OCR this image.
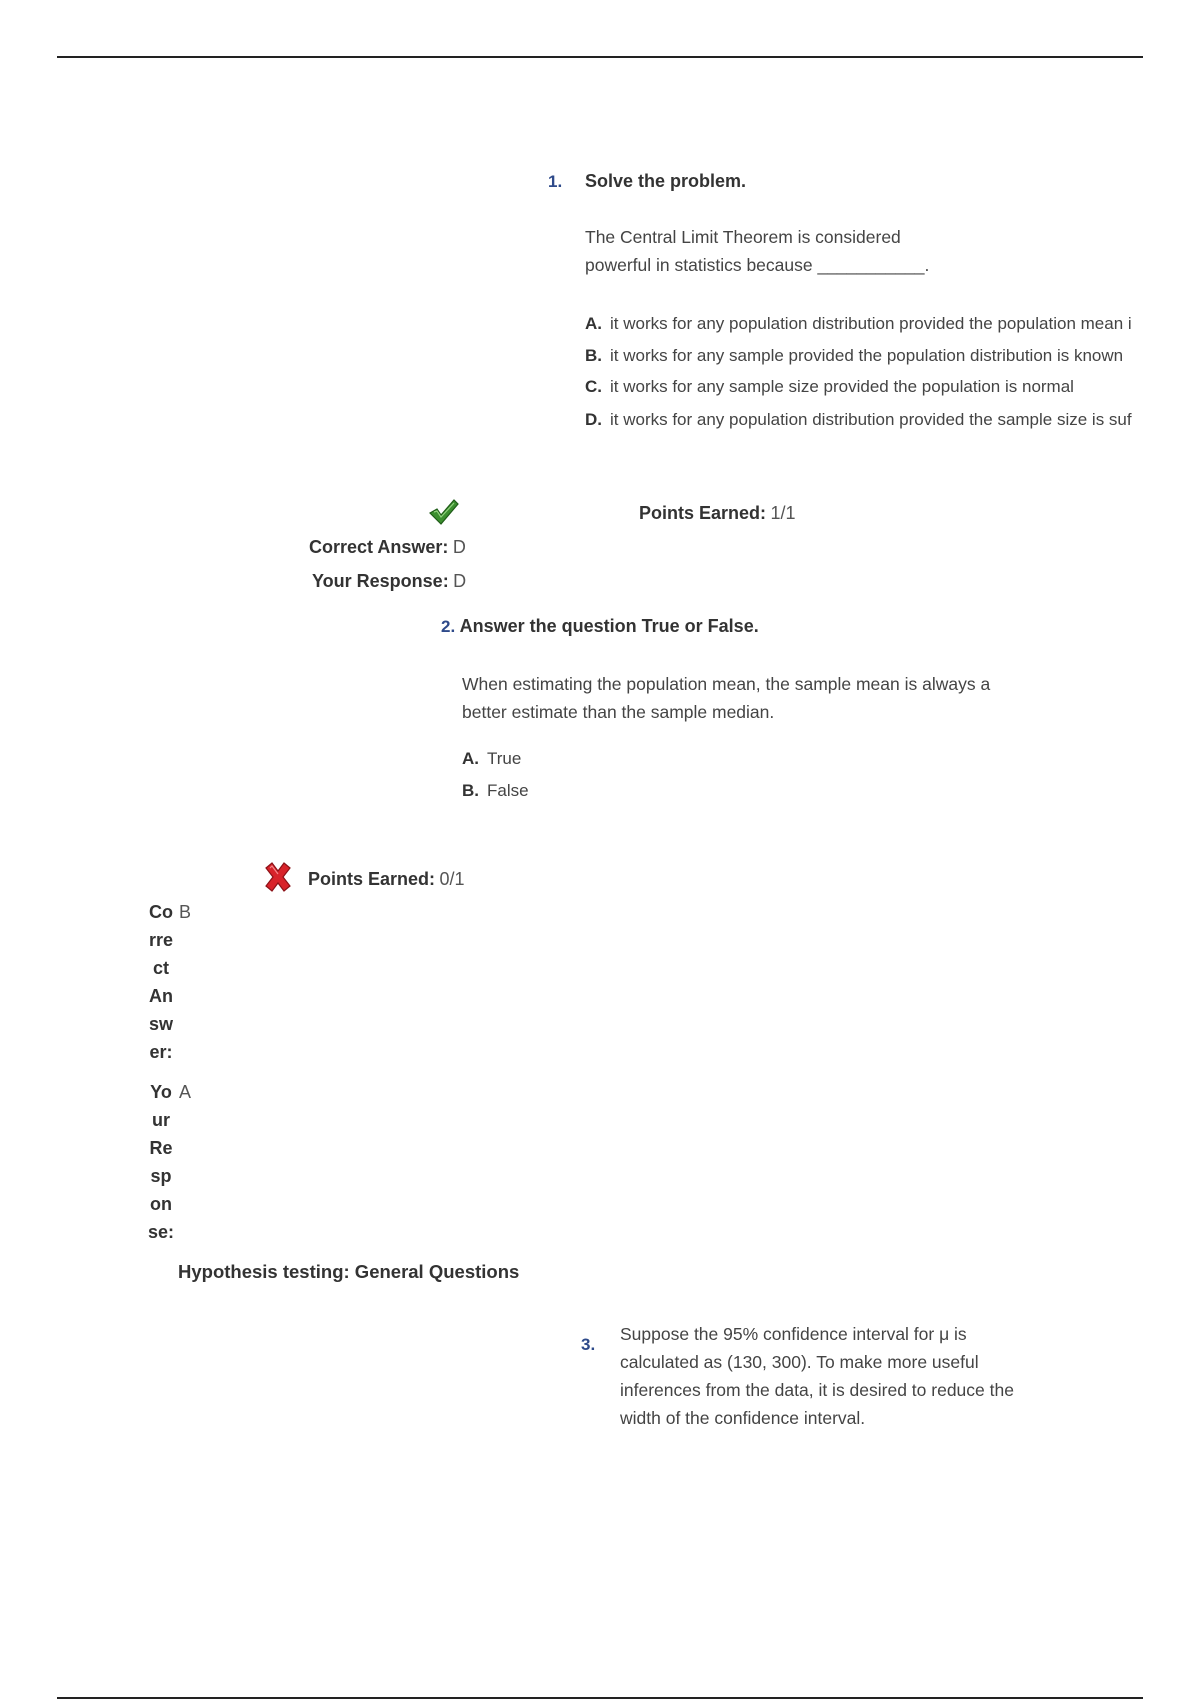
1. Solve the problem.
The Central Limit Theorem is considered
powerful in statistics because ___________.
A. it works for any population distribution provided the population mean i
B. it works for any sample provided the population distribution is known
C. it works for any sample size provided the population is normal
D. it works for any population distribution provided the sample size is suf
Points Earned: 1/1
Correct Answer: D
Your Response: D
2. Answer the question True or False.
When estimating the population mean, the sample mean is always a
better estimate than the sample median.
A. True
B. False
Points Earned: 0/1
Correct Answer:
B
Your Response:
A
Hypothesis testing: General Questions
3.
Suppose the 95% confidence interval for μ is
calculated as (130, 300). To make more useful
inferences from the data, it is desired to reduce the
width of the confidence interval.
